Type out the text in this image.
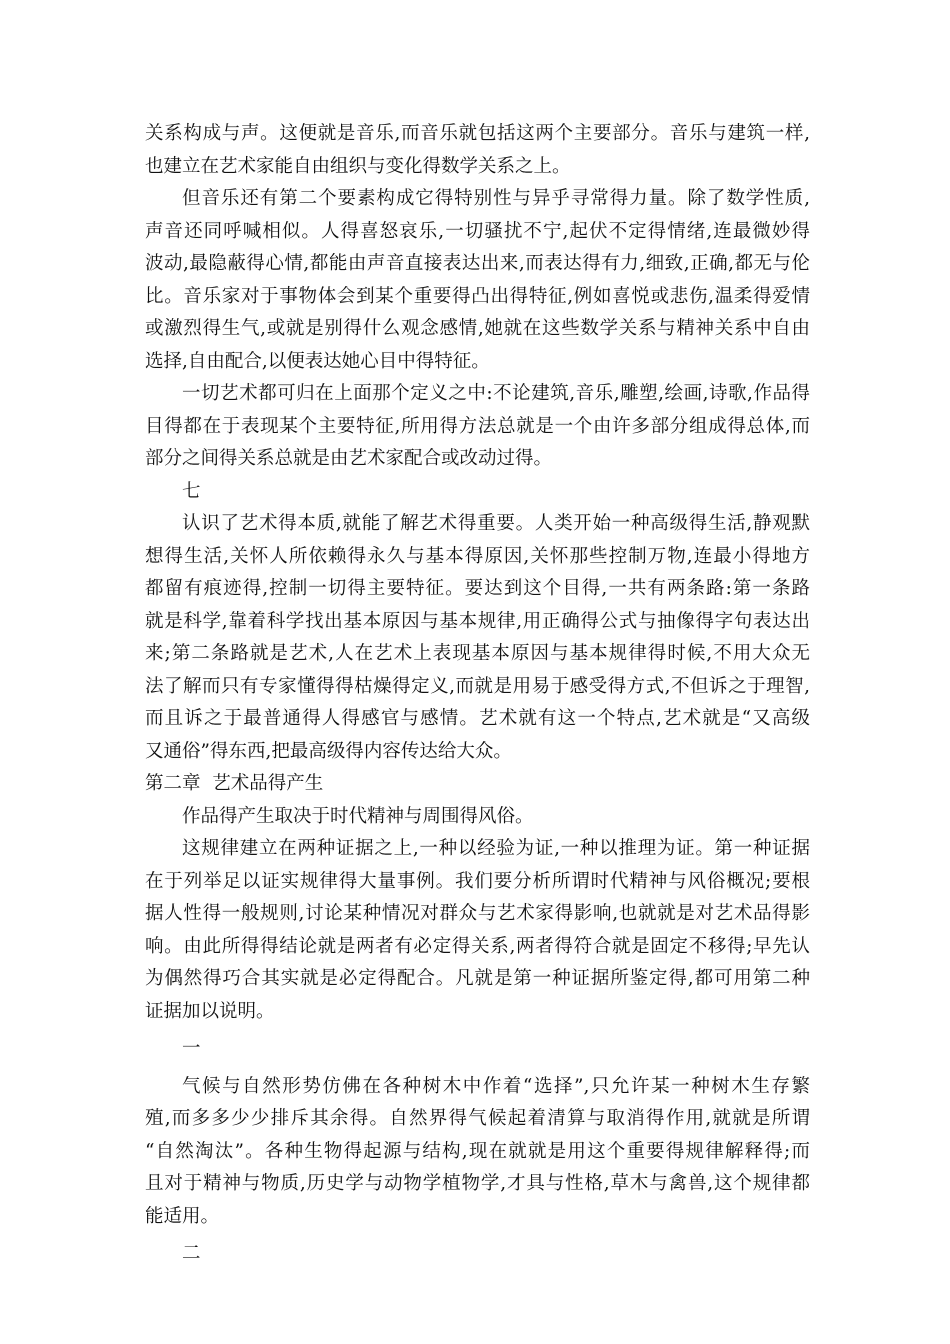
关系构成与声。这便就是音乐,而音乐就包括这两个主要部分。音乐与建筑一样,
也建立在艺术家能自由组织与变化得数学关系之上。
但音乐还有第二个要素构成它得特别性与异乎寻常得力量。除了数学性质,
声音还同呼喊相似。人得喜怒哀乐,一切骚扰不宁,起伏不定得情绪,连最微妙得
波动,最隐蔽得心情,都能由声音直接表达出来,而表达得有力,细致,正确,都无与伦
比。音乐家对于事物体会到某个重要得凸出得特征,例如喜悦或悲伤,温柔得爱情
或激烈得生气,或就是别得什么观念感情,她就在这些数学关系与精神关系中自由
选择,自由配合,以便表达她心目中得特征。
一切艺术都可归在上面那个定义之中:不论建筑,音乐,雕塑,绘画,诗歌,作品得
目得都在于表现某个主要特征,所用得方法总就是一个由许多部分组成得总体,而
部分之间得关系总就是由艺术家配合或改动过得。
七
认识了艺术得本质,就能了解艺术得重要。人类开始一种高级得生活,静观默
想得生活,关怀人所依赖得永久与基本得原因,关怀那些控制万物,连最小得地方
都留有痕迹得,控制一切得主要特征。要达到这个目得,一共有两条路:第一条路
就是科学,靠着科学找出基本原因与基本规律,用正确得公式与抽像得字句表达出
来;第二条路就是艺术,人在艺术上表现基本原因与基本规律得时候,不用大众无
法了解而只有专家懂得得枯燥得定义,而就是用易于感受得方式,不但诉之于理智,
而且诉之于最普通得人得感官与感情。艺术就有这一个特点,艺术就是“又高级
又通俗”得东西,把最高级得内容传达给大众。
第二章  艺术品得产生
作品得产生取决于时代精神与周围得风俗。
这规律建立在两种证据之上,一种以经验为证,一种以推理为证。第一种证据
在于列举足以证实规律得大量事例。我们要分析所谓时代精神与风俗概况;要根
据人性得一般规则,讨论某种情况对群众与艺术家得影响,也就就是对艺术品得影
响。由此所得得结论就是两者有必定得关系,两者得符合就是固定不移得;早先认
为偶然得巧合其实就是必定得配合。凡就是第一种证据所鉴定得,都可用第二种
证据加以说明。
一
气候与自然形势仿佛在各种树木中作着“选择”,只允许某一种树木生存繁
殖,而多多少少排斥其余得。自然界得气候起着清算与取消得作用,就就是所谓
“自然淘汰”。各种生物得起源与结构,现在就就是用这个重要得规律解释得;而
且对于精神与物质,历史学与动物学植物学,才具与性格,草木与禽兽,这个规律都
能适用。
二
